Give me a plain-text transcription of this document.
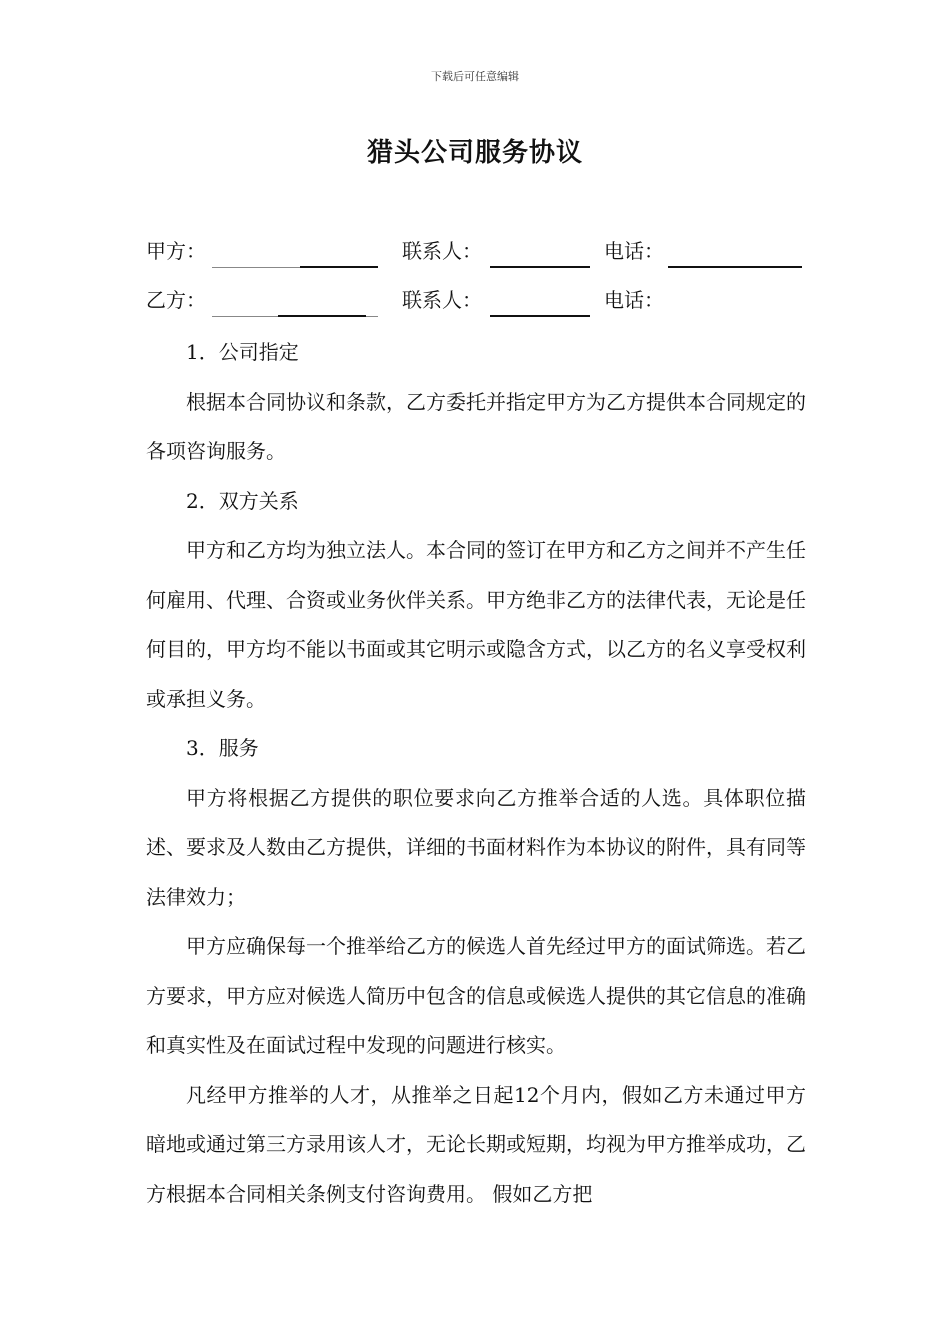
下载后可任意编辑
猎头公司服务协议
甲方：	联系人：	电话：
乙方：	联系人：	电话：

1．公司指定

根据本合同协议和条款，乙方委托并指定甲方为乙方提供本合同规定的各项咨询服务。

2．双方关系

甲方和乙方均为独立法人。本合同的签订在甲方和乙方之间并不产生任何雇用、代理、合资或业务伙伴关系。甲方绝非乙方的法律代表，无论是任何目的，甲方均不能以书面或其它明示或隐含方式，以乙方的名义享受权利或承担义务。

3．服务

甲方将根据乙方提供的职位要求向乙方推举合适的人选。具体职位描述、要求及人数由乙方提供，详细的书面材料作为本协议的附件，具有同等法律效力；

甲方应确保每一个推举给乙方的候选人首先经过甲方的面试筛选。若乙方要求，甲方应对候选人简历中包含的信息或候选人提供的其它信息的准确和真实性及在面试过程中发现的问题进行核实。

凡经甲方推举的人才，从推举之日起12个月内，假如乙方未通过甲方暗地或通过第三方录用该人才，无论长期或短期，均视为甲方推举成功，乙方根据本合同相关条例支付咨询费用。 假如乙方把
